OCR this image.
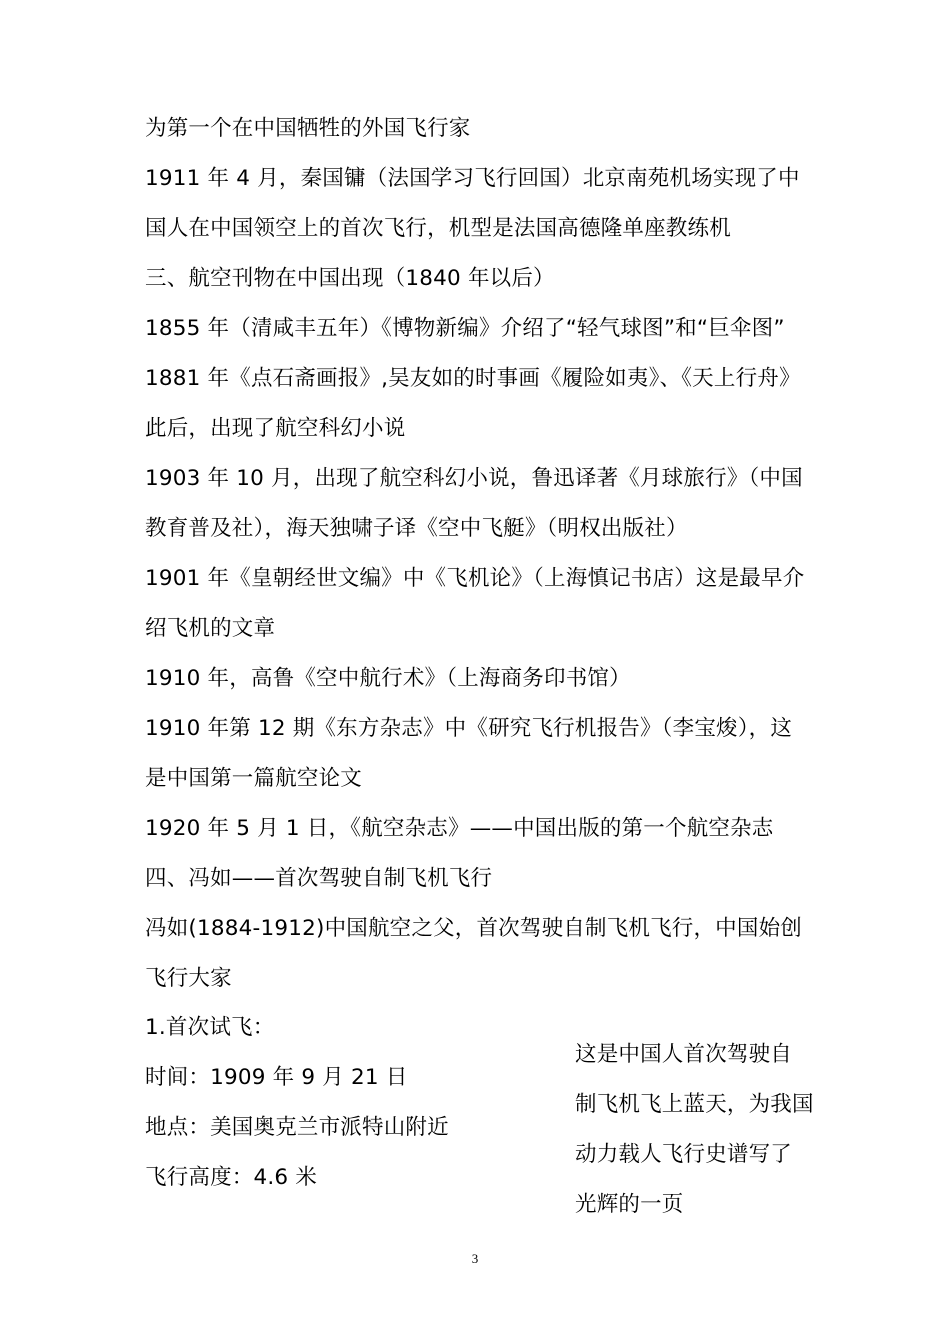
为第一个在中国牺牲的外国飞行家
1911 年 4 月，秦国镛（法国学习飞行回国）北京南苑机场实现了中
国人在中国领空上的首次飞行，机型是法国高德隆单座教练机
三、航空刊物在中国出现（1840 年以后）
1855 年（清咸丰五年）《博物新编》介绍了“轻气球图”和“巨伞图”
1881 年《点石斋画报》,吴友如的时事画《履险如夷》、《天上行舟》
此后，出现了航空科幻小说
1903 年 10 月，出现了航空科幻小说，鲁迅译著《月球旅行》（中国
教育普及社），海天独啸子译《空中飞艇》（明权出版社）
1901 年《皇朝经世文编》中《飞机论》（上海慎记书店）这是最早介
绍飞机的文章
1910 年，高鲁《空中航行术》（上海商务印书馆）
1910 年第 12 期《东方杂志》中《研究飞行机报告》（李宝焌），这
是中国第一篇航空论文
1920 年 5 月 1 日，《航空杂志》——中国出版的第一个航空杂志
四、冯如——首次驾驶自制飞机飞行
冯如(1884-1912)中国航空之父，首次驾驶自制飞机飞行，中国始创
飞行大家
1.首次试飞：
时间：1909 年 9 月 21 日
地点：美国奥克兰市派特山附近
飞行高度：4.6 米
这是中国人首次驾驶自
制飞机飞上蓝天，为我国
动力载人飞行史谱写了
光辉的一页
3
